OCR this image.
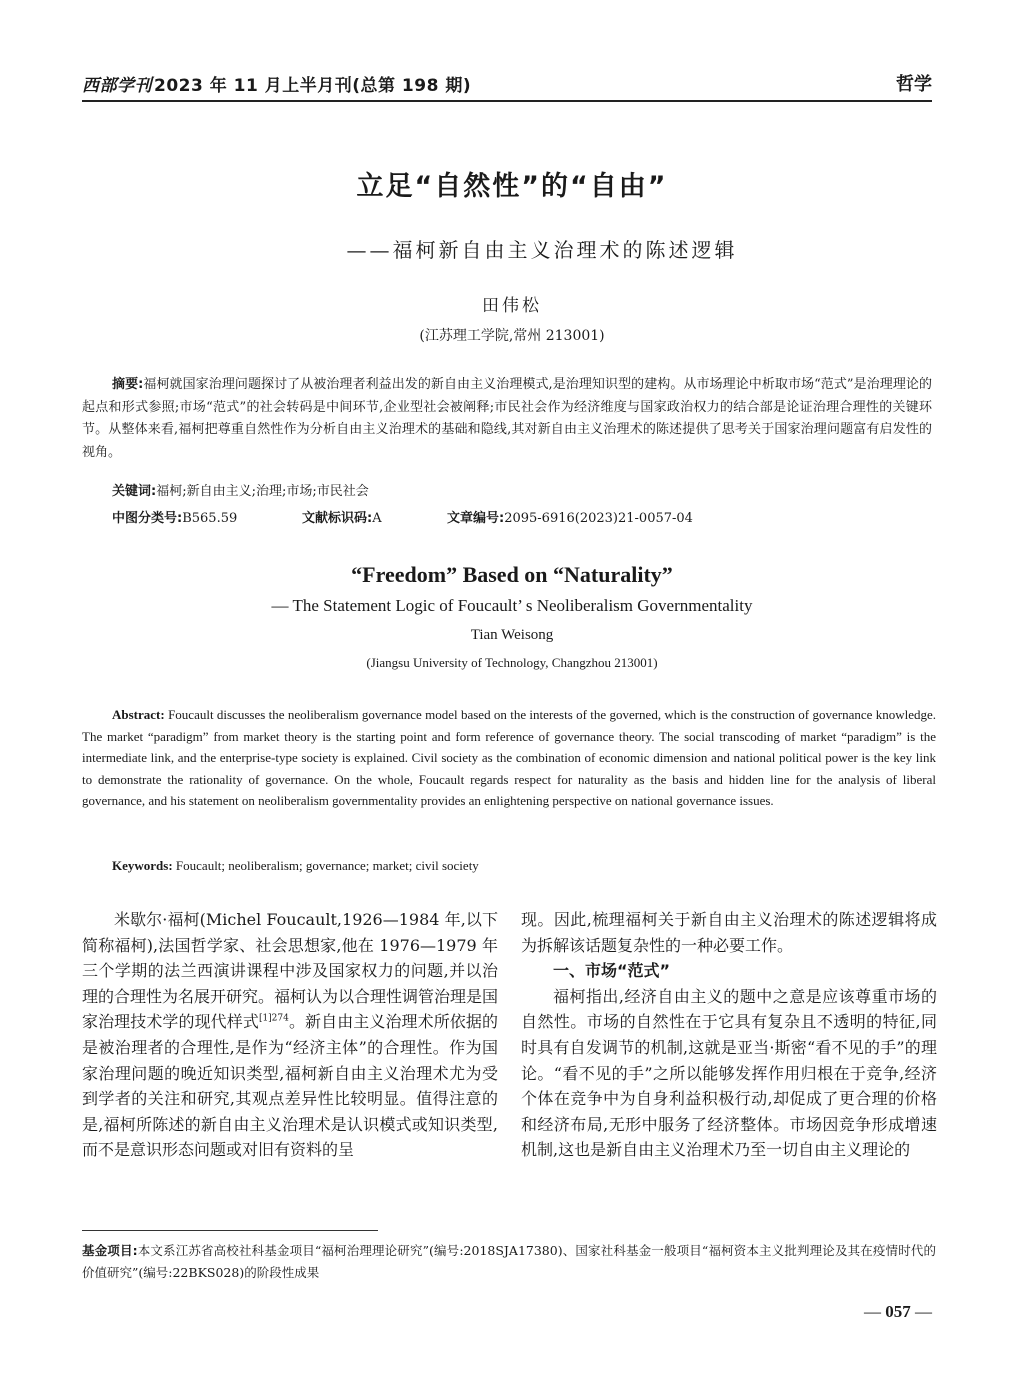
西部学刊 2023 年 11 月上半月刊(总第 198 期)	哲学
立足“自然性”的“自由”
——福柯新自由主义治理术的陈述逻辑
田伟松
(江苏理工学院,常州 213001)
摘要:福柯就国家治理问题探讨了从被治理者利益出发的新自由主义治理模式,是治理知识型的建构。从市场理论中析取市场“范式”是治理理论的起点和形式参照;市场“范式”的社会转码是中间环节,企业型社会被阐释;市民社会作为经济维度与国家政治权力的结合部是论证治理合理性的关键环节。从整体来看,福柯把尊重自然性作为分析自由主义治理术的基础和隐线,其对新自由主义治理术的陈述提供了思考关于国家治理问题富有启发性的视角。
关键词:福柯;新自由主义;治理;市场;市民社会
中图分类号:B565.59	文献标识码:A	文章编号:2095-6916(2023)21-0057-04
“Freedom” Based on “Naturality”
— The Statement Logic of Foucault’ s Neoliberalism Governmentality
Tian Weisong
(Jiangsu University of Technology, Changzhou 213001)
Abstract: Foucault discusses the neoliberalism governance model based on the interests of the governed, which is the construction of governance knowledge. The market “paradigm” from market theory is the starting point and form reference of governance theory. The social transcoding of market “paradigm” is the intermediate link, and the enterprise-type society is explained. Civil society as the combination of economic dimension and national political power is the key link to demonstrate the rationality of governance. On the whole, Foucault regards respect for naturality as the basis and hidden line for the analysis of liberal governance, and his statement on neoliberalism governmentality provides an enlightening perspective on national governance issues.
Keywords: Foucault; neoliberalism; governance; market; civil society

米歇尔·福柯(Michel Foucault,1926—1984 年,以下简称福柯),法国哲学家、社会思想家,他在 1976—1979 年三个学期的法兰西演讲课程中涉及国家权力的问题,并以治理的合理性为名展开研究。福柯认为以合理性调管治理是国家治理技术学的现代样式$^{[1]274}$。新自由主义治理术所依据的是被治理者的合理性,是作为“经济主体”的合理性。作为国家治理问题的晚近知识类型,福柯新自由主义治理术尤为受到学者的关注和研究,其观点差异性比较明显。值得注意的是,福柯所陈述的新自由主义治理术是认识模式或知识类型,而不是意识形态问题或对旧有资料的呈

现。因此,梳理福柯关于新自由主义治理术的陈述逻辑将成为拆解该话题复杂性的一种必要工作。

一、市场“范式”

福柯指出,经济自由主义的题中之意是应该尊重市场的自然性。市场的自然性在于它具有复杂且不透明的特征,同时具有自发调节的机制,这就是亚当·斯密“看不见的手”的理论。“看不见的手”之所以能够发挥作用归根在于竞争,经济个体在竞争中为自身利益积极行动,却促成了更合理的价格和经济布局,无形中服务了经济整体。市场因竞争形成增速机制,这也是新自由主义治理术乃至一切自由主义理论的

基金项目:本文系江苏省高校社科基金项目“福柯治理理论研究”(编号:2018SJA17380)、国家社科基金一般项目“福柯资本主义批判理论及其在疫情时代的价值研究”(编号:22BKS028)的阶段性成果
— 057 —
